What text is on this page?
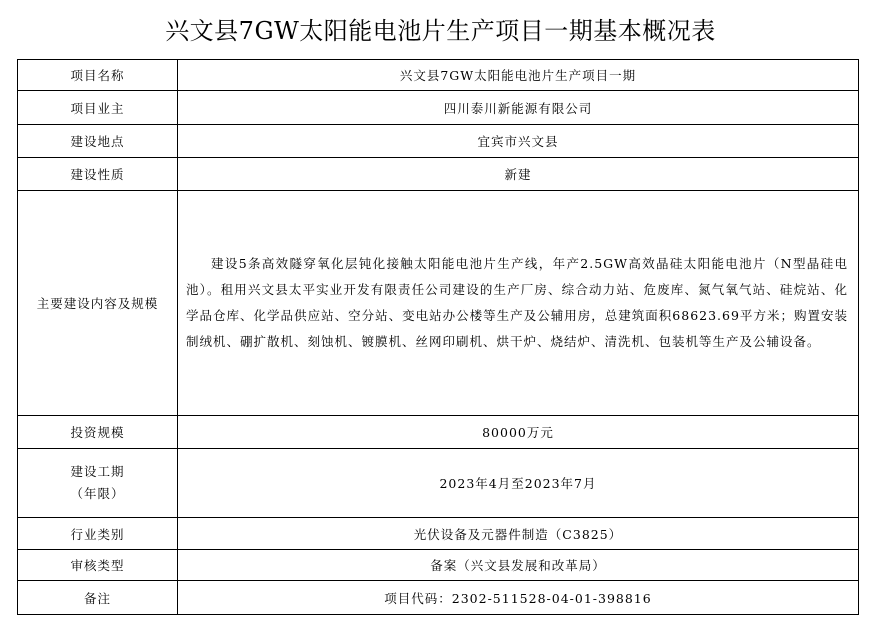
兴文县7GW太阳能电池片生产项目一期基本概况表
项目名称	兴文县7GW太阳能电池片生产项目一期
项目业主	四川泰川新能源有限公司
建设地点	宜宾市兴文县
建设性质	新建
主要建设内容及规模	建设5条高效隧穿氧化层钝化接触太阳能电池片生产线，年产2.5GW高效晶硅太阳能电池片（N型晶硅电池）。租用兴文县太平实业开发有限责任公司建设的生产厂房、综合动力站、危废库、氮气氧气站、硅烷站、化学品仓库、化学品供应站、空分站、变电站办公楼等生产及公辅用房，总建筑面积68623.69平方米；购置安装制绒机、硼扩散机、刻蚀机、镀膜机、丝网印刷机、烘干炉、烧结炉、清洗机、包装机等生产及公辅设备。

投资规模	80000万元

建设工期
（年限）	2023年4月至2023年7月
行业类别	光伏设备及元器件制造（C3825）
审核类型	备案（兴文县发展和改革局）
备注	项目代码：2302-511528-04-01-398816
